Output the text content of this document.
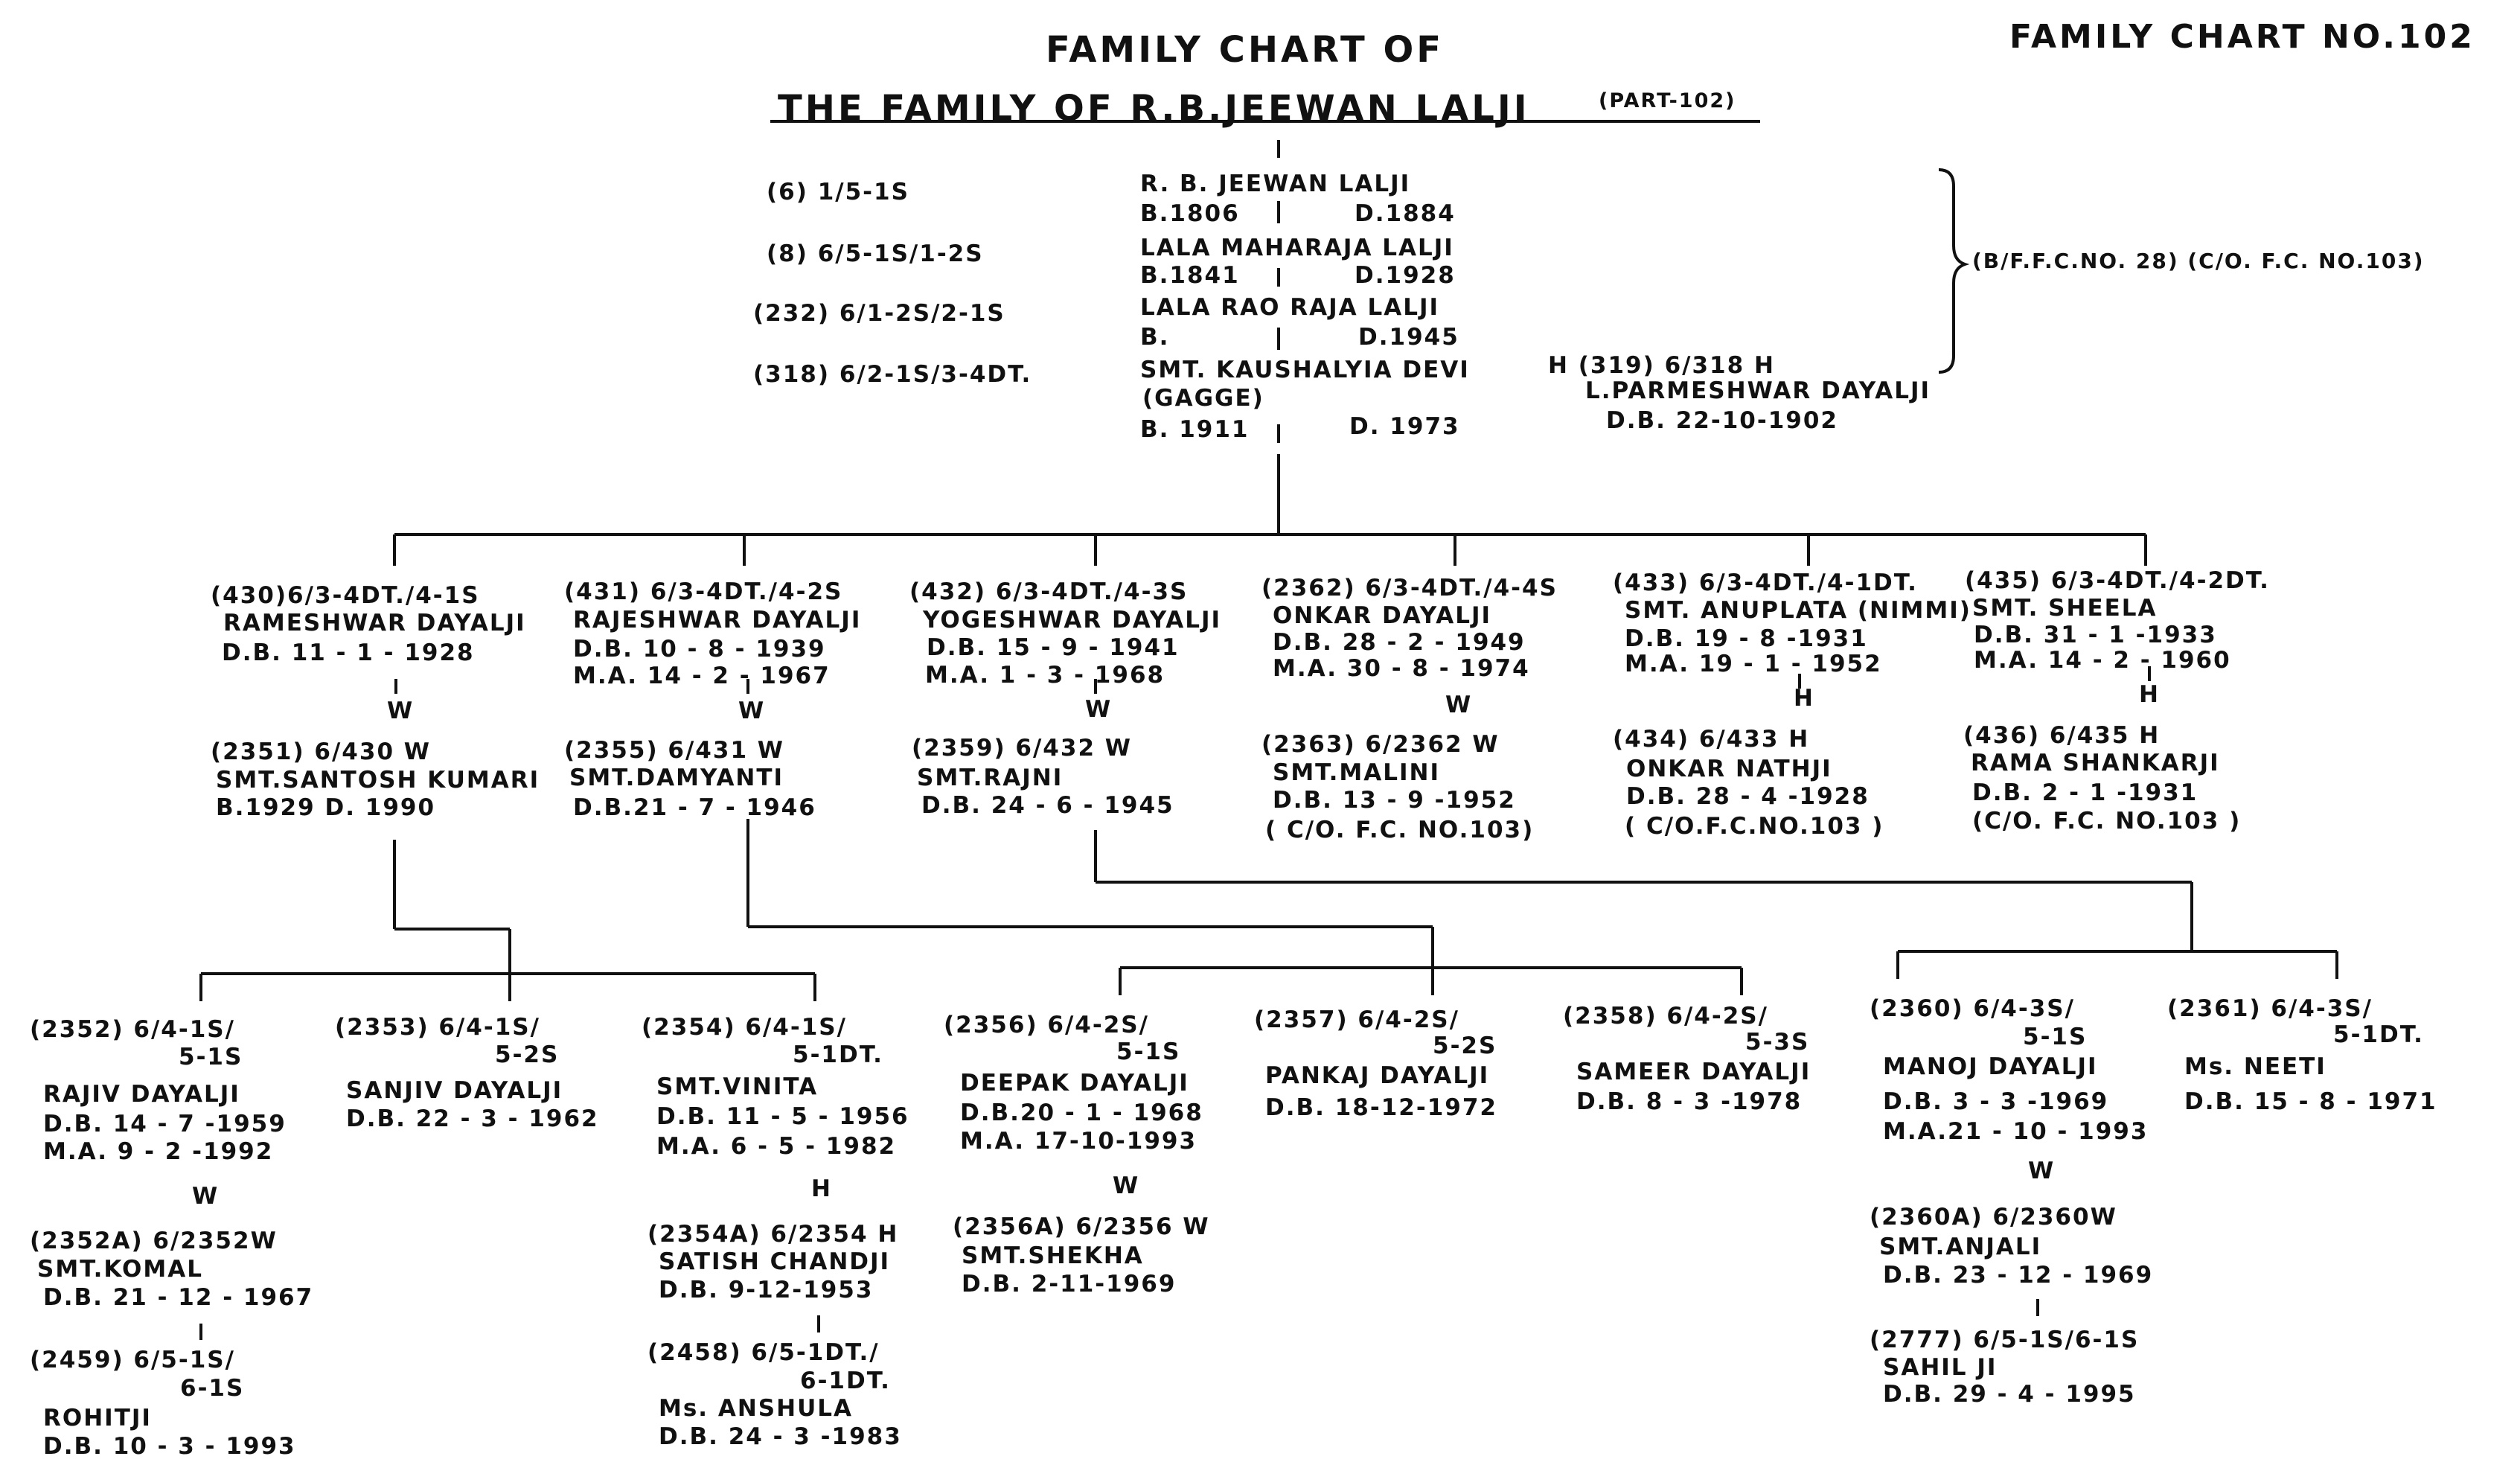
FAMILY CHART OF	FAMILY CHART NO.102
THE FAMILY OF R.B.JEEWAN LALJI	(PART-102)
(6) 1/5-1S	R. B. JEEWAN LALJI
B.1806	D.1884
(8) 6/5-1S/1-2S	LALA MAHARAJA LALJI
B.1841	D.1928
(232) 6/1-2S/2-1S	LALA RAO RAJA LALJI
B.	D.1945
(318) 6/2-1S/3-4DT.	SMT. KAUSHALYIA DEVI
(GAGGE)
B. 1911	D. 1973
H (319) 6/318 H
L.PARMESHWAR DAYALJI
D.B. 22-10-1902
(B/F.F.C.NO. 28) (C/O. F.C. NO.103)
(430)6/3-4DT./4-1S
RAMESHWAR DAYALJI
D.B. 11 - 1 - 1928
W
(2351) 6/430 W
SMT.SANTOSH KUMARI
B.1929 D. 1990
(431) 6/3-4DT./4-2S
RAJESHWAR DAYALJI
D.B. 10 - 8 - 1939
M.A. 14 - 2 - 1967
W
(2355) 6/431 W
SMT.DAMYANTI
D.B.21 - 7 - 1946
(432) 6/3-4DT./4-3S
YOGESHWAR DAYALJI
D.B. 15 - 9 - 1941
M.A. 1 - 3 - 1968
W
(2359) 6/432 W
SMT.RAJNI
D.B. 24 - 6 - 1945
(2362) 6/3-4DT./4-4S
ONKAR DAYALJI
D.B. 28 - 2 - 1949
M.A. 30 - 8 - 1974
W
(2363) 6/2362 W
SMT.MALINI
D.B. 13 - 9 -1952
( C/O. F.C. NO.103)
(433) 6/3-4DT./4-1DT.
SMT. ANUPLATA (NIMMI)
D.B. 19 - 8 -1931
M.A. 19 - 1 - 1952
H
(434) 6/433 H
ONKAR NATHJI
D.B. 28 - 4 -1928
( C/O.F.C.NO.103 )
(435) 6/3-4DT./4-2DT.
SMT. SHEELA
D.B. 31 - 1 -1933
M.A. 14 - 2 - 1960
H
(436) 6/435 H
RAMA SHANKARJI
D.B. 2 - 1 -1931
(C/O. F.C. NO.103 )
(2352) 6/4-1S/
5-1S
RAJIV DAYALJI
D.B. 14 - 7 -1959
M.A. 9 - 2 -1992
(2353) 6/4-1S/
5-2S
SANJIV DAYALJI
D.B. 22 - 3 - 1962
(2354) 6/4-1S/
5-1DT.
SMT.VINITA
D.B. 11 - 5 - 1956
M.A. 6 - 5 - 1982
(2356) 6/4-2S/
5-1S
DEEPAK DAYALJI
D.B.20 - 1 - 1968
M.A. 17-10-1993
(2357) 6/4-2S/
5-2S
PANKAJ DAYALJI
D.B. 18-12-1972
(2358) 6/4-2S/
5-3S
SAMEER DAYALJI
D.B. 8 - 3 -1978
(2360) 6/4-3S/
5-1S
MANOJ DAYALJI
D.B. 3 - 3 -1969
M.A.21 - 10 - 1993
(2361) 6/4-3S/
5-1DT.
Ms. NEETI
D.B. 15 - 8 - 1971
W
(2352A) 6/2352W
SMT.KOMAL
D.B. 21 - 12 - 1967
H
(2354A) 6/2354 H
SATISH CHANDJI
D.B. 9-12-1953
W
(2356A) 6/2356 W
SMT.SHEKHA
D.B. 2-11-1969
W
(2360A) 6/2360W
SMT.ANJALI
D.B. 23 - 12 - 1969
(2459) 6/5-1S/
6-1S
ROHITJI
D.B. 10 - 3 - 1993
(2458) 6/5-1DT./
6-1DT.
Ms. ANSHULA
D.B. 24 - 3 -1983
(2777) 6/5-1S/6-1S
SAHIL JI
D.B. 29 - 4 - 1995
